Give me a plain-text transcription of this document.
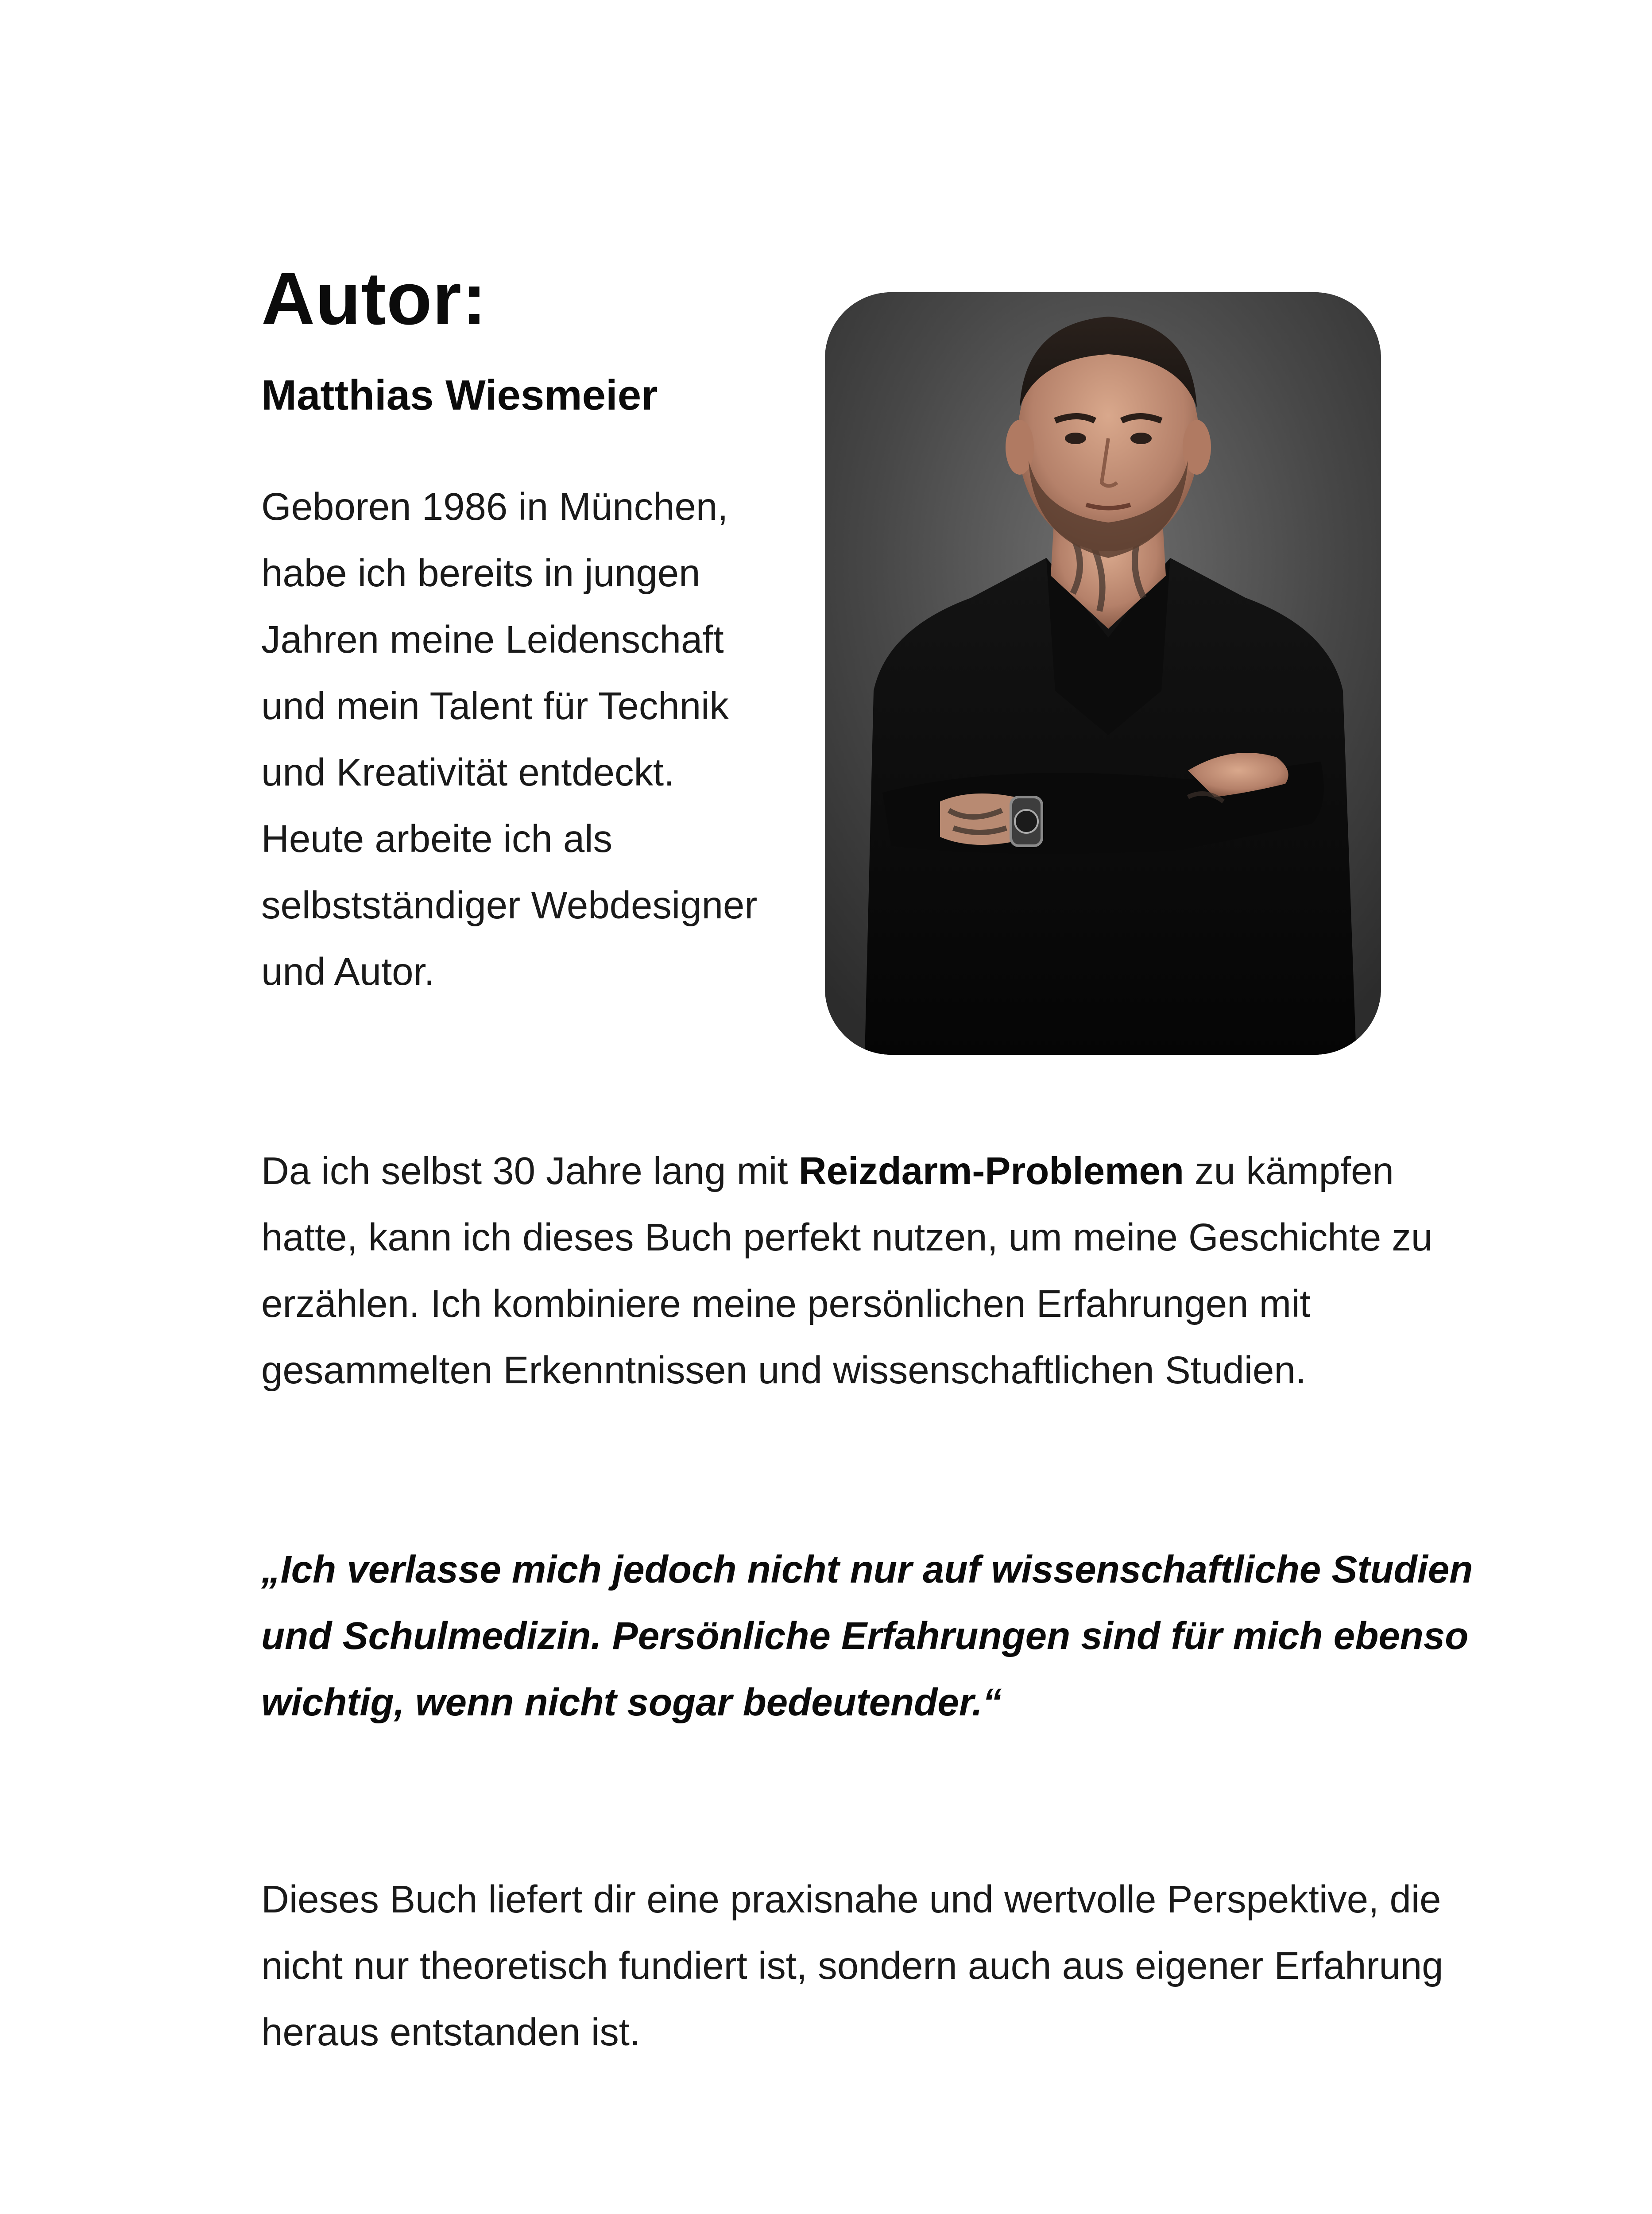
Autor:
Matthias Wiesmeier

Geboren 1986 in München, habe ich bereits in jungen Jahren meine Leidenschaft und mein Talent für Technik und Kreativität entdeckt. Heute arbeite ich als selbstständiger Webdesigner und Autor.

Da ich selbst 30 Jahre lang mit Reizdarm-Problemen zu kämpfen hatte, kann ich dieses Buch perfekt nutzen, um meine Geschichte zu erzählen. Ich kombiniere meine persönlichen Erfahrungen mit gesammelten Erkenntnissen und wissenschaftlichen Studien.

„Ich verlasse mich jedoch nicht nur auf wissenschaftliche Studien und Schulmedizin. Persönliche Erfahrungen sind für mich ebenso wichtig, wenn nicht sogar bedeutender.“

Dieses Buch liefert dir eine praxisnahe und wertvolle Perspektive, die nicht nur theoretisch fundiert ist, sondern auch aus eigener Erfahrung heraus entstanden ist.
